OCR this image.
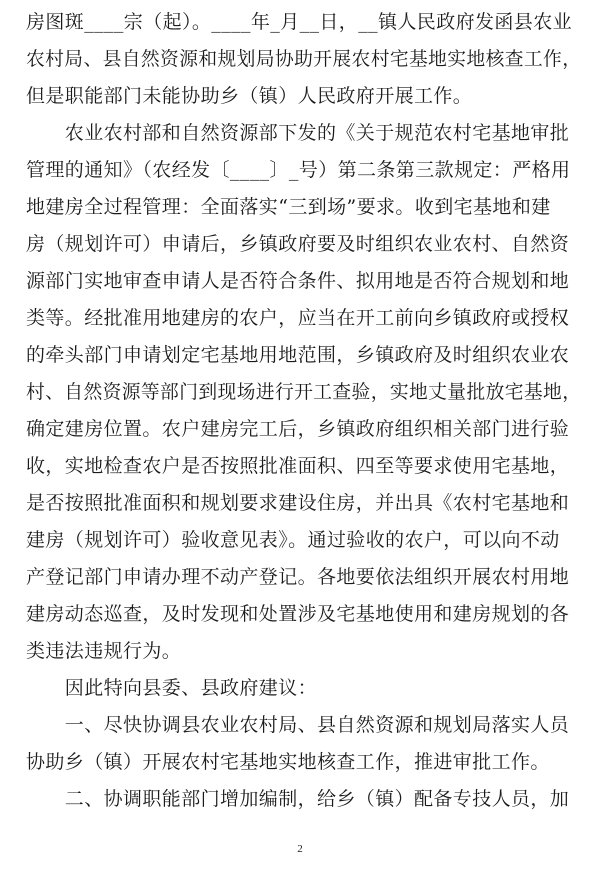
房图斑____宗（起）。____年_月__日，__镇人民政府发函县农业
农村局、县自然资源和规划局协助开展农村宅基地实地核查工作，
但是职能部门未能协助乡（镇）人民政府开展工作。
　　农业农村部和自然资源部下发的《关于规范农村宅基地审批
管理的通知》（农经发〔____〕_号）第二条第三款规定：严格用
地建房全过程管理：全面落实“三到场”要求。收到宅基地和建
房（规划许可）申请后，乡镇政府要及时组织农业农村、自然资
源部门实地审查申请人是否符合条件、拟用地是否符合规划和地
类等。经批准用地建房的农户，应当在开工前向乡镇政府或授权
的牵头部门申请划定宅基地用地范围，乡镇政府及时组织农业农
村、自然资源等部门到现场进行开工查验，实地丈量批放宅基地，
确定建房位置。农户建房完工后，乡镇政府组织相关部门进行验
收，实地检查农户是否按照批准面积、四至等要求使用宅基地，
是否按照批准面积和规划要求建设住房，并出具《农村宅基地和
建房（规划许可）验收意见表》。通过验收的农户，可以向不动
产登记部门申请办理不动产登记。各地要依法组织开展农村用地
建房动态巡查，及时发现和处置涉及宅基地使用和建房规划的各
类违法违规行为。
　　因此特向县委、县政府建议：
　　一、尽快协调县农业农村局、县自然资源和规划局落实人员
协助乡（镇）开展农村宅基地实地核查工作，推进审批工作。
　　二、协调职能部门增加编制，给乡（镇）配备专技人员，加
2
